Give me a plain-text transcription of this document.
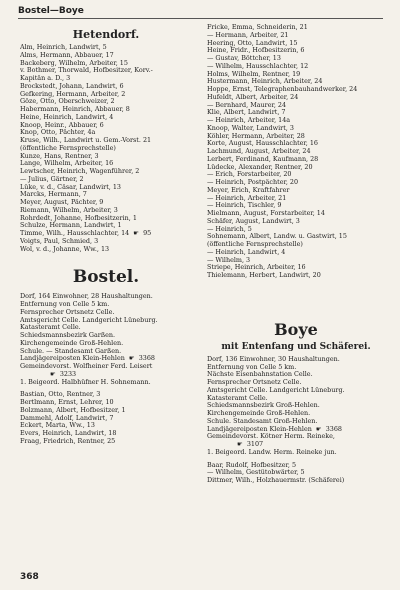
Bostel—Boye
Hetendorf.
Alm, Heinrich, Landwirt, 5
Alms, Hermann, Abbauer, 17
Backeberg, Wilhelm, Arbeiter, 15
v. Bothmer, Thorwald, Hofbesitzer, Korv.-
Kapitän a. D., 3
Brockstedt, Johann, Landwirt, 6
Gefkering, Hermann, Arbeiter, 2
Göze, Otto, Oberschweizer, 2
Habermann, Heinrich, Abbauer, 8
Heine, Heinrich, Landwirt, 4
Knoop, Heinr., Abbauer, 6
Knop, Otto, Pächter, 4a
Kruse, Wilh., Landwirt u. Gem.-Vorst. 21
(öffentliche Fernsprechstelle)
Kunze, Hans, Rentner, 3
Lange, Wilhelm, Arbeiter, 16
Lewtscher, Heinrich, Wagenführer, 2
— Julius, Gärtner, 2
Lüke, v. d., Cäsar, Landwirt, 13
Marcks, Hermann, 7
Meyer, August, Pächter, 9
Riemann, Wilhelm, Arbeiter, 3
Rohrdedt, Johanne, Hofbesitzerin, 1
Schulze, Hermann, Landwirt, 1
Timme, Wilh., Hausschlachter, 14 ☛ 95
Voigts, Paul, Schmied, 3
Wol, v. d., Johanne, Ww., 13
Bostel.
Dorf, 164 Einwohner, 28 Haushaltungen.
Entfernung von Celle 5 km.
Fernsprecher Ortsnetz Celle.
Amtsgericht Celle. Landgericht Lüneburg.
Katasteramt Celle.
Schiedsmannsbezirk Garßen.
Kirchengemeinde Groß-Hehlen.
Schule. — Standesamt Garßen.
Landjägereiposten Klein-Hehlen ☛ 3368
Gemeindevorst. Wolfheiner Ferd. Leisert
☛ 3233
1. Beigeord. Halbhüfner H. Sohnemann.
Bastian, Otto, Rentner, 3
Bertlmann, Ernst, Lehrer, 10
Bolzmann, Albert, Hofbesitzer, 1
Dammehl, Adolf, Landwirt, 7
Eckert, Marta, Ww., 13
Evers, Heinrich, Landwirt, 18
Fraag, Friedrich, Rentner, 25
Fricke, Emma, Schneiderin, 21
— Hermann, Arbeiter, 21
Heering, Otto, Landwirt, 15
Heine, Fridr., Hofbesitzerin, 6
— Gustav, Böttcher, 13
— Wilhelm, Hausschlachter, 12
Holms, Wilhelm, Rentner, 19
Hustermann, Heinrich, Arbeiter, 24
Hoppe, Ernst, Telegraphenbauhandwerker, 24
Hufeldt, Albert, Arbeiter, 24
— Bernhard, Maurer, 24
Klie, Albert, Landwirt, 7
— Heinrich, Arbeiter, 14a
Knoop, Walter, Landwirt, 3
Köhler, Hermann, Arbeiter, 28
Korte, August, Hausschlachter, 16
Lachmund, August, Arbeiter, 24
Lerbert, Ferdinand, Kaufmann, 28
Lüdecke, Alexander, Rentner, 20
— Erich, Forstarbeiter, 20
— Heinrich, Postpächter, 20
Meyer, Erich, Kraftfahrer
— Heinrich, Arbeiter, 21
— Heinrich, Tischler, 9
Mielmann, August, Forstarbeiter, 14
Schäfer, August, Landwirt, 3
— Heinrich, 5
Sohnemann, Albert, Landw. u. Gastwirt, 15
(öffentliche Fernsprechstelle)
— Heinrich, Landwirt, 4
— Wilhelm, 3
Striepe, Heinrich, Arbeiter, 16
Thielemann, Herbert, Landwirt, 20
Boye
mit Entenfang und Schäferei.
Dorf, 136 Einwohner, 30 Haushaltungen.
Entfernung von Celle 5 km.
Nächste Eisenbahnstation Celle.
Fernsprecher Ortsnetz Celle.
Amtsgericht Celle. Landgericht Lüneburg.
Katasteramt Celle.
Schiedsmannsbezirk Groß-Hehlen.
Kirchengemeinde Groß-Hehlen.
Schule. Standesamt Groß-Hehlen.
Landjägereiposten Klein-Hehlen ☛ 3368
Gemeindevorst. Kötner Herm. Reineke,
☛ 3107
1. Beigeord. Landw. Herm. Reineke jun.
Baar, Rudolf, Hofbesitzer, 5
— Wilhelm, Gestütobwärter, 5
Dittmer, Wilh., Holzhauermstr. (Schäferei)
368
